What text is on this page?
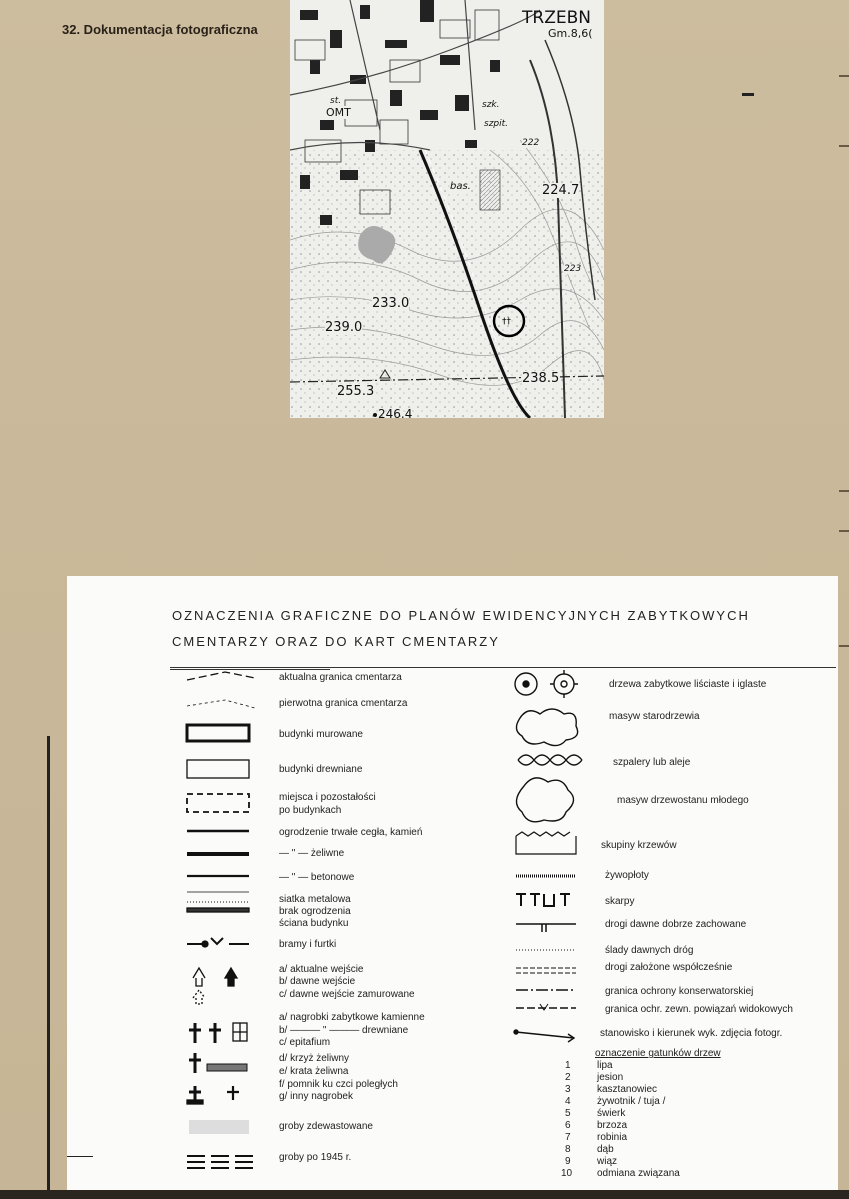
32. Dokumentacja fotograficzna
††
TRZEBN
Gm.8,6(
st.
OMT
szk.
szpit.
222
bas.	224.7
223
233.0
239.0
238.5
255.3
246.4
OZNACZENIA GRAFICZNE DO PLANÓW EWIDENCYJNYCH ZABYTKOWYCH
CMENTARZY ORAZ DO KART CMENTARZY
aktualna granica cmentarza
pierwotna granica cmentarza
budynki murowane
budynki drewniane
miejsca i pozostałości
po budynkach
ogrodzenie trwałe cegła, kamień
— " — żeliwne
— " — betonowe
siatka metalowa
brak ogrodzenia
ściana budynku
bramy i furtki
a/ aktualne wejście
b/ dawne wejście
c/ dawne wejście zamurowane
a/ nagrobki zabytkowe kamienne
b/ ——— " ——— drewniane
c/ epitafium
d/ krzyż żeliwny
e/ krata żeliwna
f/ pomnik ku czci poległych
g/ inny nagrobek
groby zdewastowane
groby po 1945 r.
drzewa zabytkowe liściaste i iglaste
masyw starodrzewia
szpalery lub aleje
masyw drzewostanu młodego
skupiny krzewów
żywopłoty
skarpy
drogi dawne dobrze zachowane
ślady dawnych dróg
drogi założone współcześnie
granica ochrony konserwatorskiej
granica ochr. zewn. powiązań widokowych
stanowisko i kierunek wyk. zdjęcia fotogr.
oznaczenie gatunków drzew
1	lipa
2	jesion
3	kasztanowiec
4	żywotnik / tuja /
5	świerk
6	brzoza
7	robinia
8	dąb
9	wiąz
10 odmiana związana
